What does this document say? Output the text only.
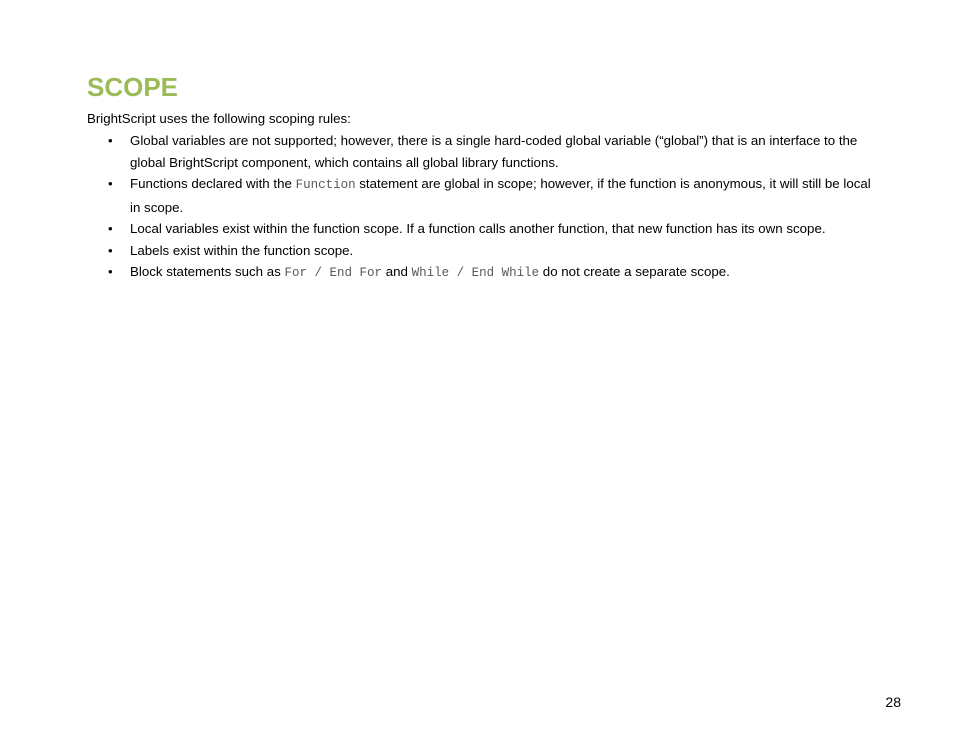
SCOPE

BrightScript uses the following scoping rules:

• Global variables are not supported; however, there is a single hard-coded global variable (“global”) that is an interface to the global BrightScript component, which contains all global library functions.
• Functions declared with the Function statement are global in scope; however, if the function is anonymous, it will still be local in scope.
• Local variables exist within the function scope. If a function calls another function, that new function has its own scope.
• Labels exist within the function scope.
• Block statements such as For / End For and While / End While do not create a separate scope.
28
